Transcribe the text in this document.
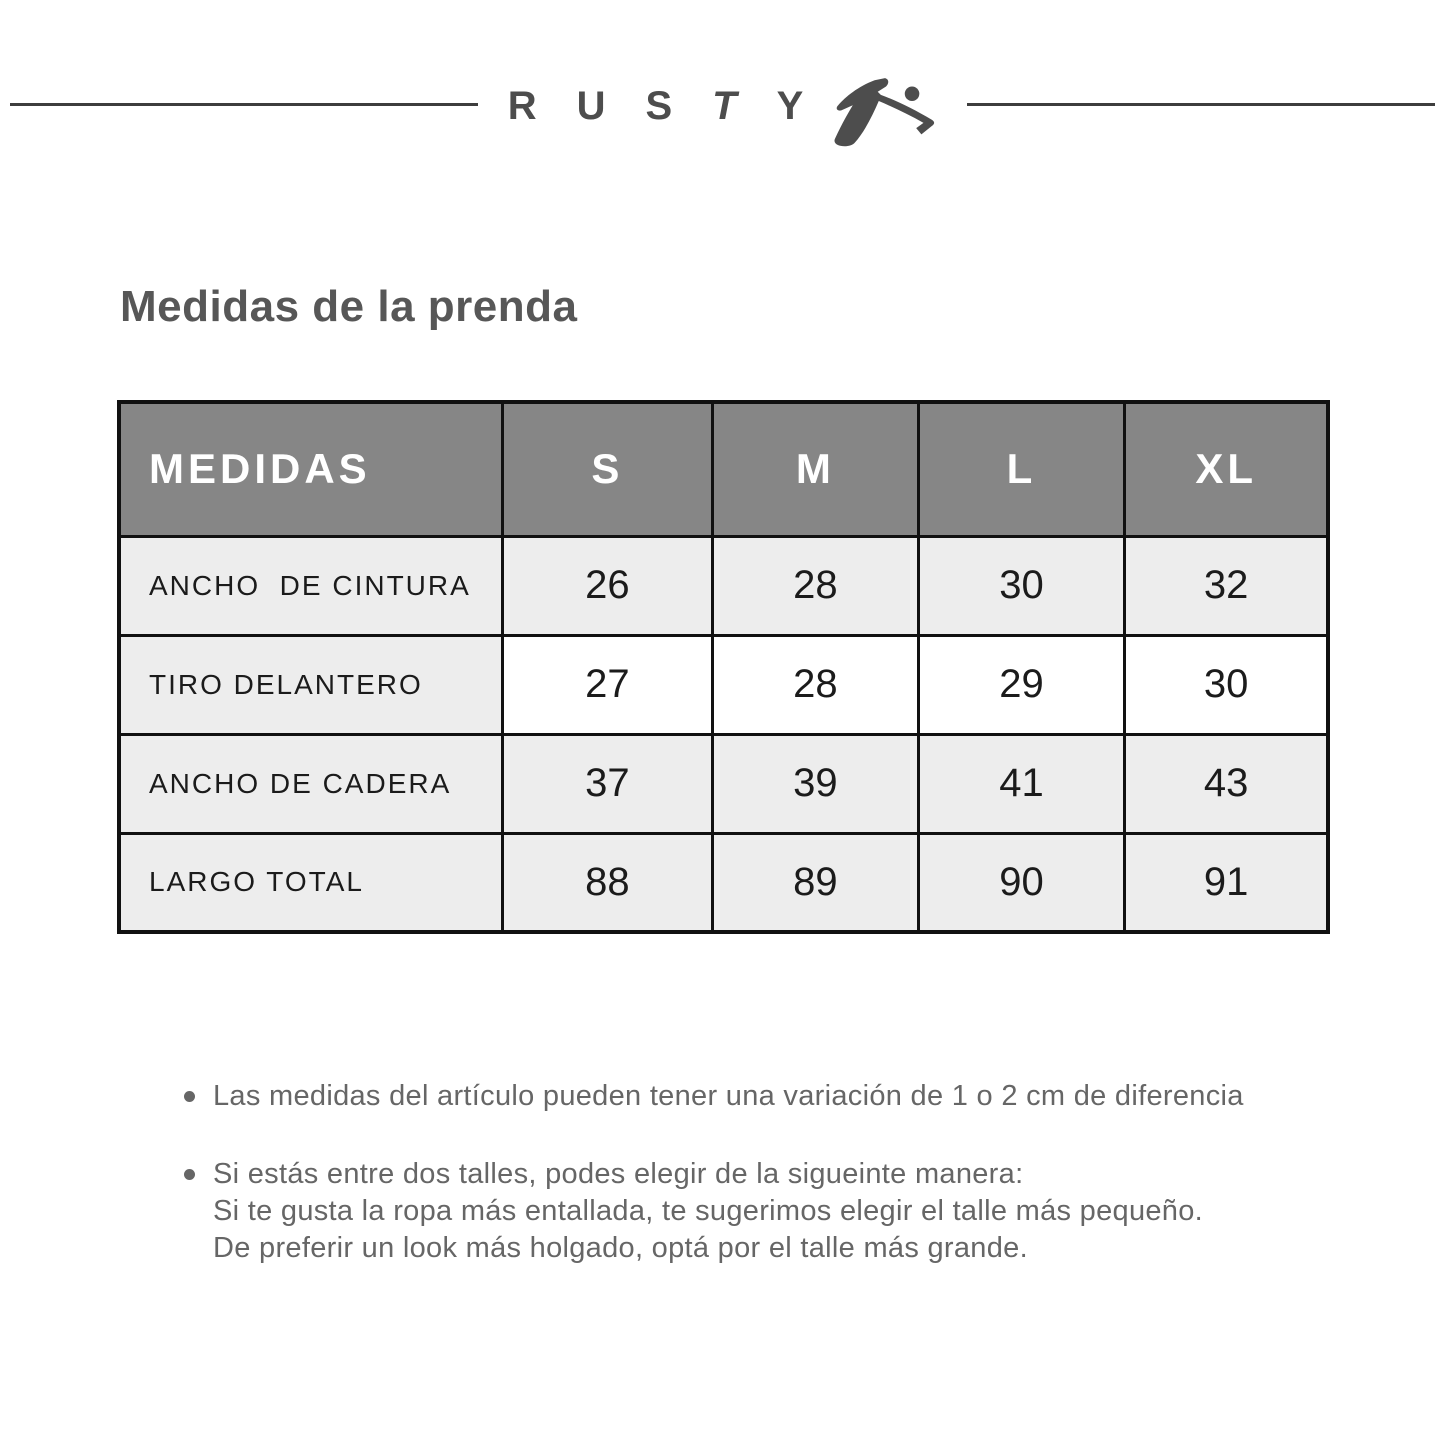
R U S T Y
Medidas de la prenda
MEDIDAS	S	M	L	XL
ANCHO  DE CINTURA	26	28	30	32
TIRO DELANTERO	27	28	29	30
ANCHO DE CADERA	37	39	41	43
LARGO TOTAL	88	89	90	91
Las medidas del artículo pueden tener una variación de 1 o 2 cm de diferencia
Si estás entre dos talles, podes elegir de la sigueinte manera:
Si te gusta la ropa más entallada, te sugerimos elegir el talle más pequeño.
De preferir un look más holgado, optá por el talle más grande.
